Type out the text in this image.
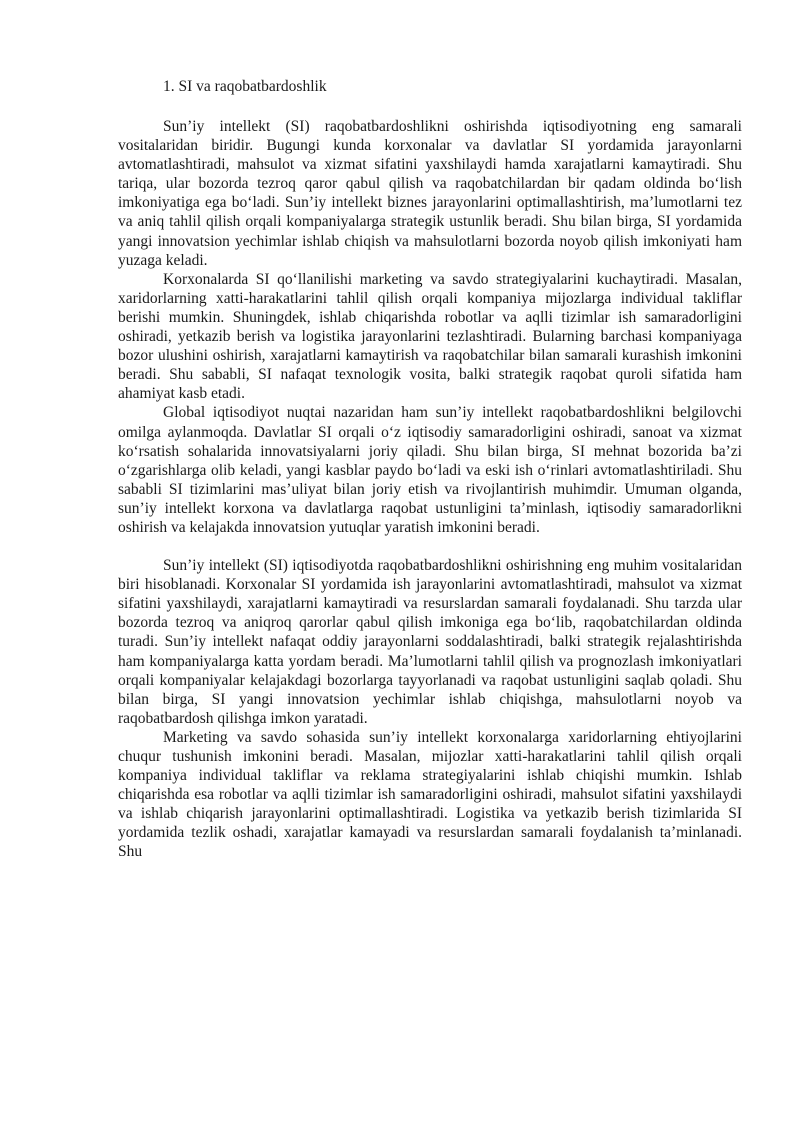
1. SI va raqobatbardoshlik

Sun’iy intellekt (SI) raqobatbardoshlikni oshirishda iqtisodiyotning eng samarali vositalaridan biridir. Bugungi kunda korxonalar va davlatlar SI yordamida jarayonlarni avtomatlashtiradi, mahsulot va xizmat sifatini yaxshilaydi hamda xarajatlarni kamaytiradi. Shu tariqa, ular bozorda tezroq qaror qabul qilish va raqobatchilardan bir qadam oldinda bo‘lish imkoniyatiga ega bo‘ladi. Sun’iy intellekt biznes jarayonlarini optimallashtirish, ma’lumotlarni tez va aniq tahlil qilish orqali kompaniyalarga strategik ustunlik beradi. Shu bilan birga, SI yordamida yangi innovatsion yechimlar ishlab chiqish va mahsulotlarni bozorda noyob qilish imkoniyati ham yuzaga keladi.

Korxonalarda SI qo‘llanilishi marketing va savdo strategiyalarini kuchaytiradi. Masalan, xaridorlarning xatti-harakatlarini tahlil qilish orqali kompaniya mijozlarga individual takliflar berishi mumkin. Shuningdek, ishlab chiqarishda robotlar va aqlli tizimlar ish samaradorligini oshiradi, yetkazib berish va logistika jarayonlarini tezlashtiradi. Bularning barchasi kompaniyaga bozor ulushini oshirish, xarajatlarni kamaytirish va raqobatchilar bilan samarali kurashish imkonini beradi. Shu sababli, SI nafaqat texnologik vosita, balki strategik raqobat quroli sifatida ham ahamiyat kasb etadi.

Global iqtisodiyot nuqtai nazaridan ham sun’iy intellekt raqobatbardoshlikni belgilovchi omilga aylanmoqda. Davlatlar SI orqali o‘z iqtisodiy samaradorligini oshiradi, sanoat va xizmat ko‘rsatish sohalarida innovatsiyalarni joriy qiladi. Shu bilan birga, SI mehnat bozorida ba’zi o‘zgarishlarga olib keladi, yangi kasblar paydo bo‘ladi va eski ish o‘rinlari avtomatlashtiriladi. Shu sababli SI tizimlarini mas’uliyat bilan joriy etish va rivojlantirish muhimdir. Umuman olganda, sun’iy intellekt korxona va davlatlarga raqobat ustunligini ta’minlash, iqtisodiy samaradorlikni oshirish va kelajakda innovatsion yutuqlar yaratish imkonini beradi.

Sun’iy intellekt (SI) iqtisodiyotda raqobatbardoshlikni oshirishning eng muhim vositalaridan biri hisoblanadi. Korxonalar SI yordamida ish jarayonlarini avtomatlashtiradi, mahsulot va xizmat sifatini yaxshilaydi, xarajatlarni kamaytiradi va resurslardan samarali foydalanadi. Shu tarzda ular bozorda tezroq va aniqroq qarorlar qabul qilish imkoniga ega bo‘lib, raqobatchilardan oldinda turadi. Sun’iy intellekt nafaqat oddiy jarayonlarni soddalashtiradi, balki strategik rejalashtirishda ham kompaniyalarga katta yordam beradi. Ma’lumotlarni tahlil qilish va prognozlash imkoniyatlari orqali kompaniyalar kelajakdagi bozorlarga tayyorlanadi va raqobat ustunligini saqlab qoladi. Shu bilan birga, SI yangi innovatsion yechimlar ishlab chiqishga, mahsulotlarni noyob va raqobatbardosh qilishga imkon yaratadi.

Marketing va savdo sohasida sun’iy intellekt korxonalarga xaridorlarning ehtiyojlarini chuqur tushunish imkonini beradi. Masalan, mijozlar xatti-harakatlarini tahlil qilish orqali kompaniya individual takliflar va reklama strategiyalarini ishlab chiqishi mumkin. Ishlab chiqarishda esa robotlar va aqlli tizimlar ish samaradorligini oshiradi, mahsulot sifatini yaxshilaydi va ishlab chiqarish jarayonlarini optimallashtiradi. Logistika va yetkazib berish tizimlarida SI yordamida tezlik oshadi, xarajatlar kamayadi va resurslardan samarali foydalanish ta’minlanadi. Shu
